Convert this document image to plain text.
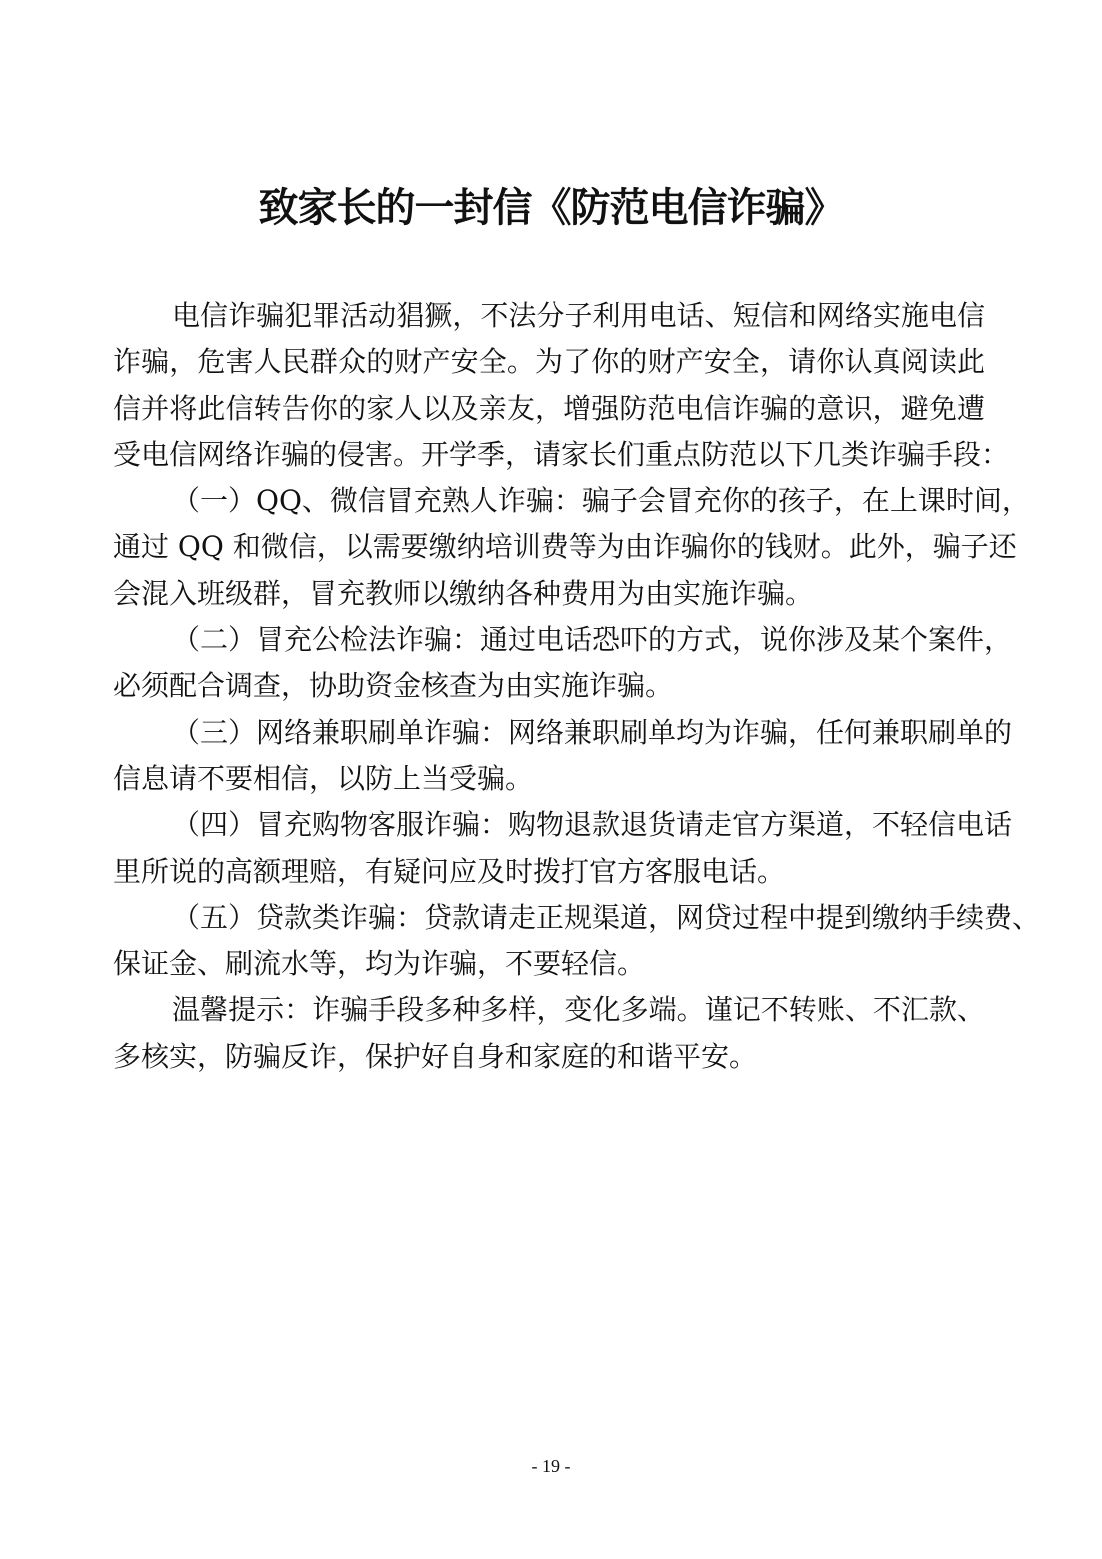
致家长的一封信《防范电信诈骗》
电信诈骗犯罪活动猖獗，不法分子利用电话、短信和网络实施电信
诈骗，危害人民群众的财产安全。为了你的财产安全，请你认真阅读此
信并将此信转告你的家人以及亲友，增强防范电信诈骗的意识，避免遭
受电信网络诈骗的侵害。开学季，请家长们重点防范以下几类诈骗手段：
（一）QQ、微信冒充熟人诈骗：骗子会冒充你的孩子，在上课时间，
通过 QQ 和微信，以需要缴纳培训费等为由诈骗你的钱财。此外，骗子还
会混入班级群，冒充教师以缴纳各种费用为由实施诈骗。
（二）冒充公检法诈骗：通过电话恐吓的方式，说你涉及某个案件，
必须配合调查，协助资金核查为由实施诈骗。
（三）网络兼职刷单诈骗：网络兼职刷单均为诈骗，任何兼职刷单的
信息请不要相信，以防上当受骗。
（四）冒充购物客服诈骗：购物退款退货请走官方渠道，不轻信电话
里所说的高额理赔，有疑问应及时拨打官方客服电话。
（五）贷款类诈骗：贷款请走正规渠道，网贷过程中提到缴纳手续费、
保证金、刷流水等，均为诈骗，不要轻信。
温馨提示：诈骗手段多种多样，变化多端。谨记不转账、不汇款、
多核实，防骗反诈，保护好自身和家庭的和谐平安。
- 19 -
